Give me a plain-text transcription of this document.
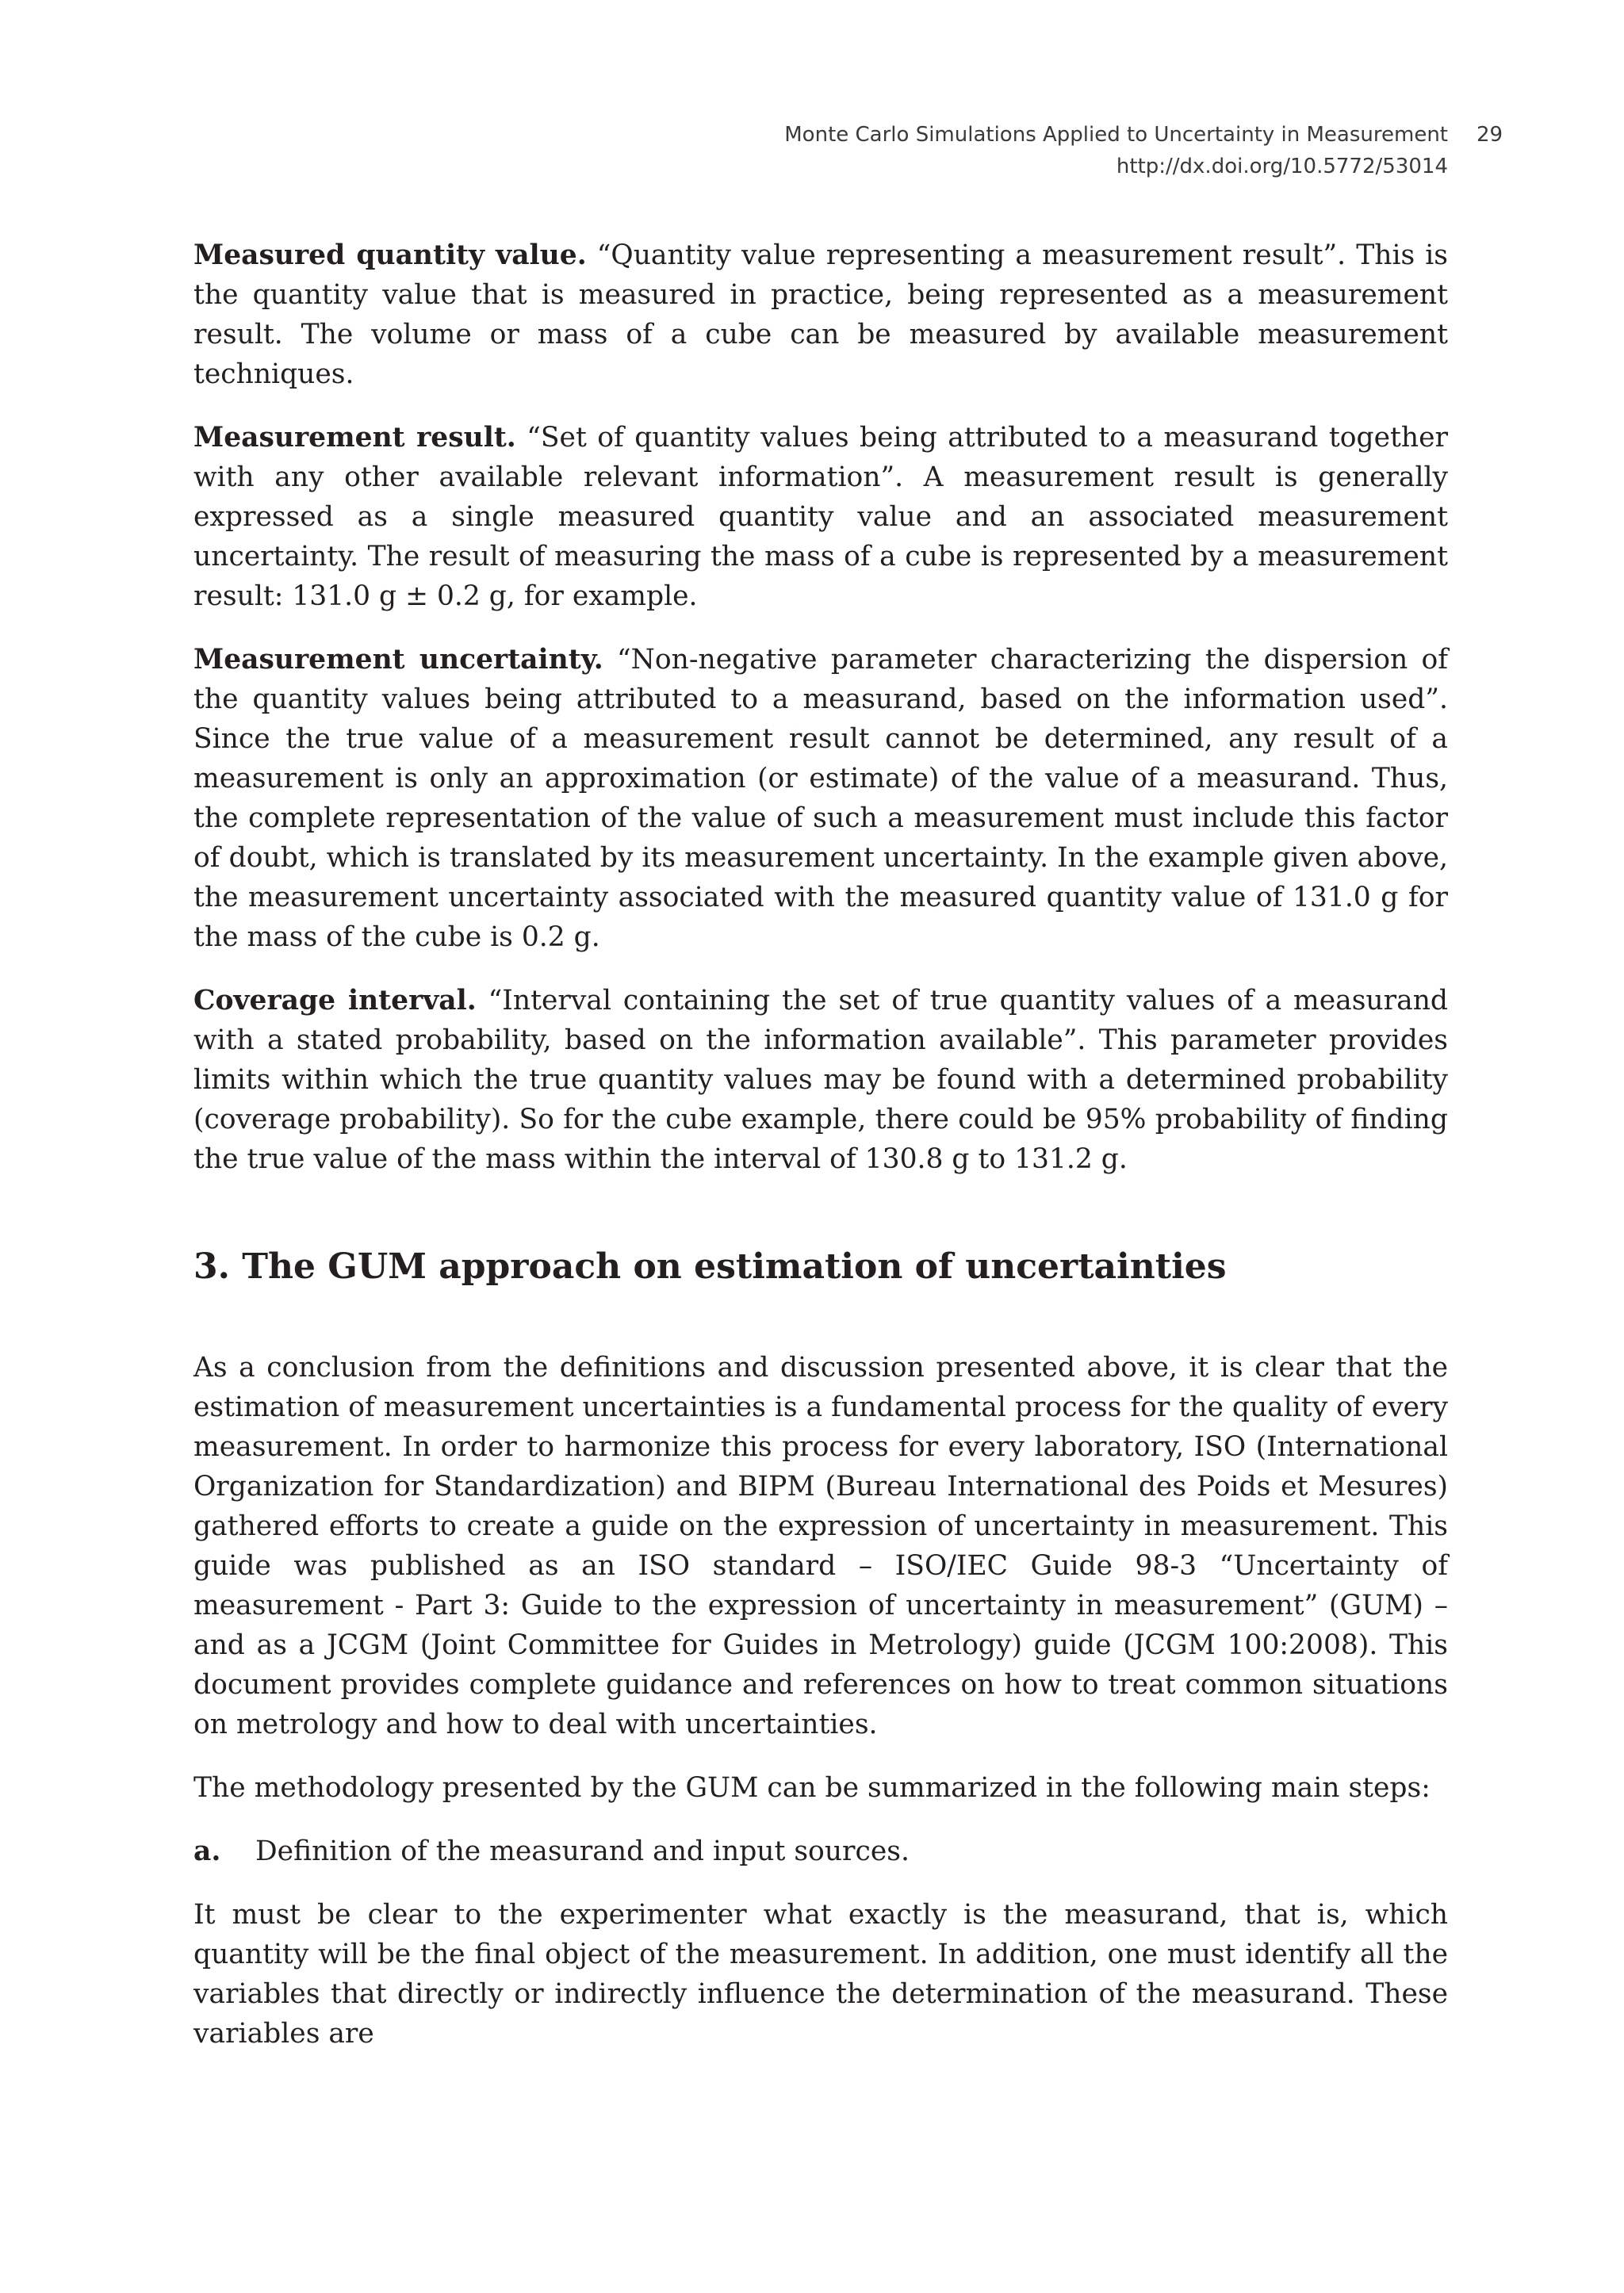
Monte Carlo Simulations Applied to Uncertainty in Measurement
http://dx.doi.org/10.5772/53014
29

Measured quantity value. “Quantity value representing a measurement result”. This is the quantity value that is measured in practice, being represented as a measurement result. The volume or mass of a cube can be measured by available measurement techniques.

Measurement result. “Set of quantity values being attributed to a measurand together with any other available relevant information”. A measurement result is generally expressed as a single measured quantity value and an associated measurement uncertainty. The result of measuring the mass of a cube is represented by a measurement result: 131.0 g ± 0.2 g, for example.

Measurement uncertainty. “Non-negative parameter characterizing the dispersion of the quantity values being attributed to a measurand, based on the information used”. Since the true value of a measurement result cannot be determined, any result of a measurement is only an approximation (or estimate) of the value of a measurand. Thus, the complete representation of the value of such a measurement must include this factor of doubt, which is translated by its measurement uncertainty. In the example given above, the measurement uncertainty associated with the measured quantity value of 131.0 g for the mass of the cube is 0.2 g.

Coverage interval. “Interval containing the set of true quantity values of a measurand with a stated probability, based on the information available”. This parameter provides limits within which the true quantity values may be found with a determined probability (coverage probability). So for the cube example, there could be 95% probability of finding the true value of the mass within the interval of 130.8 g to 131.2 g.

3. The GUM approach on estimation of uncertainties

As a conclusion from the definitions and discussion presented above, it is clear that the estimation of measurement uncertainties is a fundamental process for the quality of every measurement. In order to harmonize this process for every laboratory, ISO (International Organization for Standardization) and BIPM (Bureau International des Poids et Mesures) gathered efforts to create a guide on the expression of uncertainty in measurement. This guide was published as an ISO standard – ISO/IEC Guide 98-3 “Uncertainty of measurement - Part 3: Guide to the expression of uncertainty in measurement” (GUM) – and as a JCGM (Joint Committee for Guides in Metrology) guide (JCGM 100:2008). This document provides complete guidance and references on how to treat common situations on metrology and how to deal with uncertainties.

The methodology presented by the GUM can be summarized in the following main steps:

a.	Definition of the measurand and input sources.

It must be clear to the experimenter what exactly is the measurand, that is, which quantity will be the final object of the measurement. In addition, one must identify all the variables that directly or indirectly influence the determination of the measurand. These variables are
